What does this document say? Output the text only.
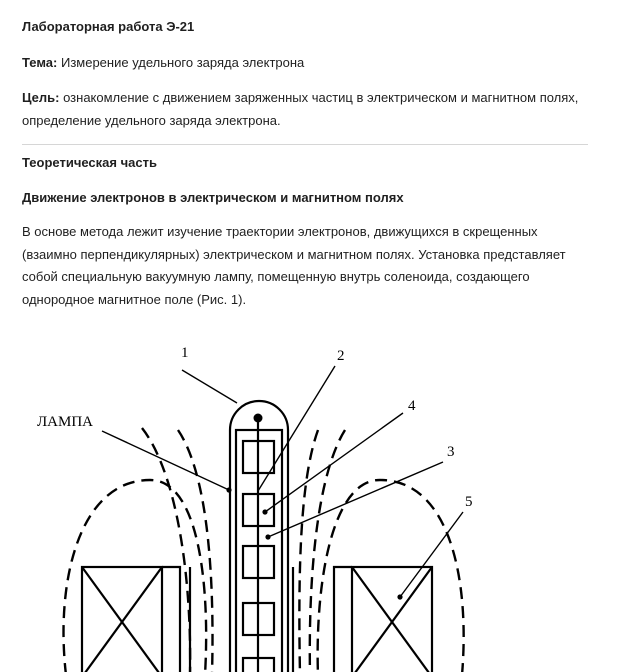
Лабораторная работа Э-21

Тема: Измерение удельного заряда электрона

Цель: ознакомление с движением заряженных частиц в электрическом и магнитном полях, определение удельного заряда электрона.

Теоретическая часть

Движение электронов в электрическом и магнитном полях

В основе метода лежит изучение траектории электронов, движущихся в скрещенных (взаимно перпендикулярных) электрическом и магнитном полях. Установка представляет собой специальную вакуумную лампу, помещенную внутрь соленоида, создающего однородное магнитное поле (Рис. 1).

ЛАМПА
1	2
3
4
5
